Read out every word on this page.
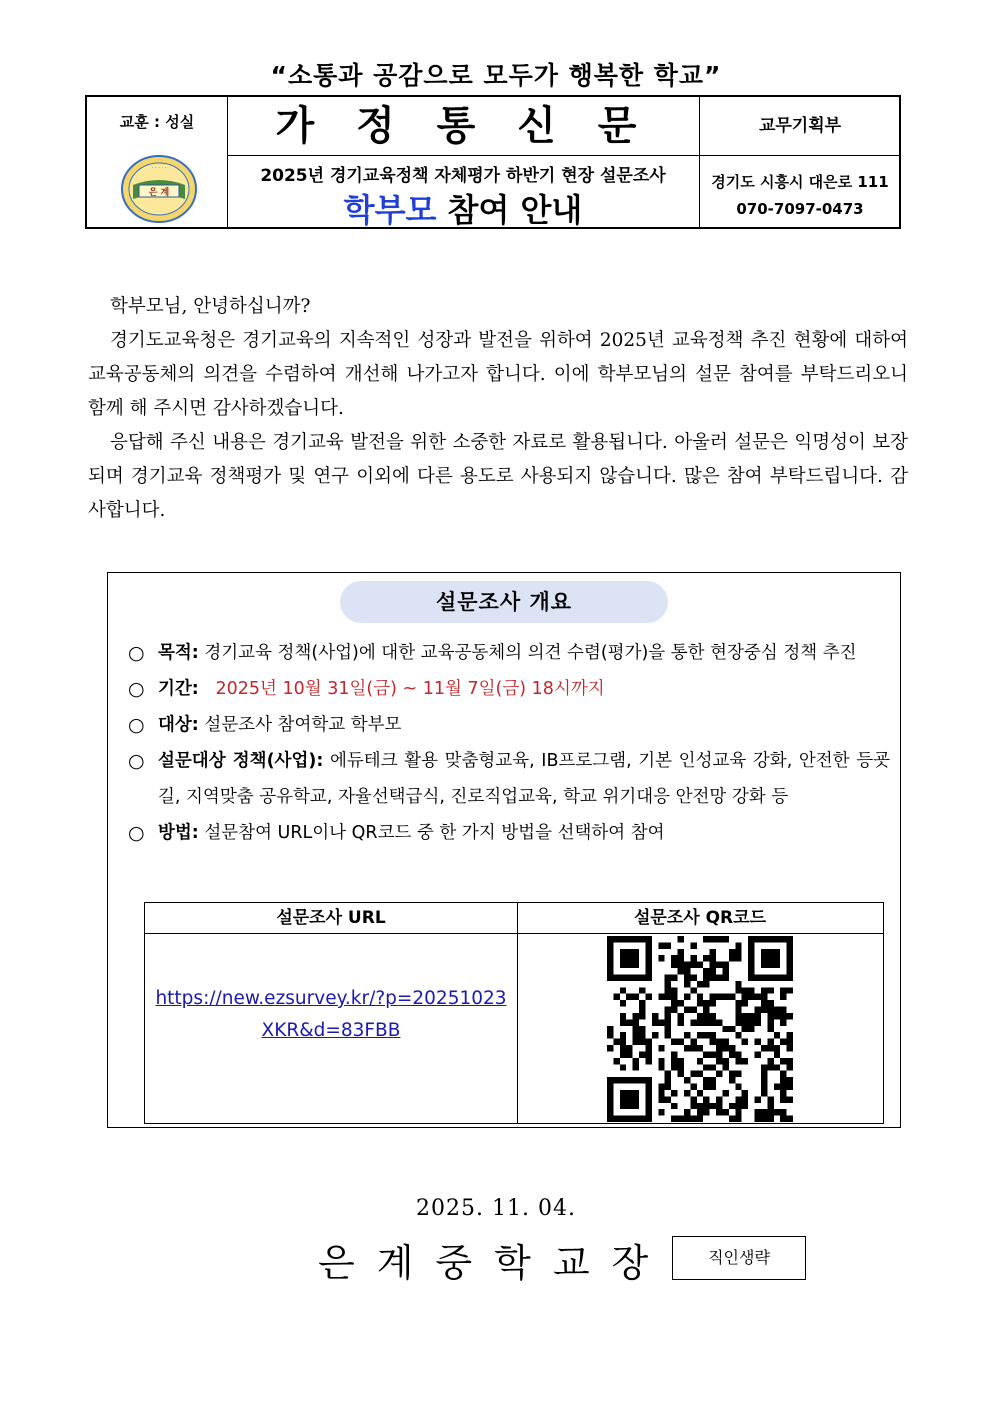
“소통과 공감으로 모두가 행복한 학교”
교훈 : 성실
은 계
· · · · ·
가 정 통 신 문	교무기획부
2025년 경기교육정책 자체평가 하반기 현장 설문조사
학부모 참여 안내
경기도 시흥시 대은로 111
070-7097-0473

학부모님, 안녕하십니까?

경기도교육청은 경기교육의 지속적인 성장과 발전을 위하여 2025년 교육정책 추진 현황에 대하여 교육공동체의 의견을 수렴하여 개선해 나가고자 합니다. 이에 학부모님의 설문 참여를 부탁드리오니 함께 해 주시면 감사하겠습니다.

응답해 주신 내용은 경기교육 발전을 위한 소중한 자료로 활용됩니다. 아울러 설문은 익명성이 보장되며 경기교육 정책평가 및 연구 이외에 다른 용도로 사용되지 않습니다. 많은 참여 부탁드립니다. 감사합니다.

설문조사 개요
○ 목적: 경기교육 정책(사업)에 대한 교육공동체의 의견 수렴(평가)을 통한 현장중심 정책 추진
○ 기간: 2025년 10월 31일(금) ~ 11월 7일(금) 18시까지
○ 대상: 설문조사 참여학교 학부모
○ 설문대상 정책(사업): 에듀테크 활용 맞춤형교육, IB프로그램, 기본 인성교육 강화, 안전한 등굣길, 지역맞춤 공유학교, 자율선택급식, 진로직업교육, 학교 위기대응 안전망 강화 등
○ 방법: 설문참여 URL이나 QR코드 중 한 가지 방법을 선택하여 참여
설문조사 URL	설문조사 QR코드
https://new.ezsurvey.kr/?p=20251023
XKR&d=83FBB
2025. 11. 04.
은계중학교장	직인생략
